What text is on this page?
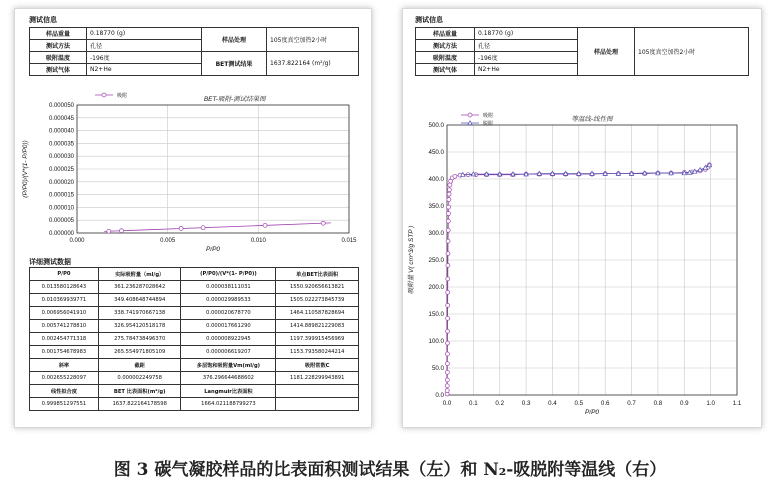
测试信息
样品重量	0.18770 (g)	样品处理	105度真空加热2小时
测试方法	孔径		
吸附温度	-196度	BET测试结果	1637.822164 (m²/g)
测试气体	N2+He		
0.000	0.005	0.010	0.015
0.000000
0.000005
0.000010
0.000015
0.000020
0.000025
0.000030
0.000035
0.000040
0.000045
0.000050
BET-吸附-测试结果图
P/P0
(P/P0)/(V*(1- P/P0))
吸附
详细测试数据
P/P0	实际吸附量（ml/g）	(P/P0)/(V*(1- P/P0))	单点BET比表面积
0.013580128643	361.236287028642	0.000038111031	1550.920656613821
0.010369939771	349.408648744894	0.000029989533	1505.022273845739
0.006956041910	338.741970667138	0.000020678770	1464.110587828694
0.005741278810	326.954120518178	0.000017661290	1414.889821229083
0.002454771318	275.784738496370	0.000008922945	1197.399915456969
0.001754678983	265.554971805109	0.000006619207	1153.793580244214
斜率	截距	多层饱和吸附量Vm(ml/g)	吸附常数C
0.002655228097	0.000002249758	376.296644688602	1181.228299943891
线性拟合度	BET 比表面积(m²/g)	Langmuir比表面积	
0.999851297551	1637.822164178598	1664.021188799273	
测试信息
样品重量	0.18770 (g)	样品处理	105度真空加热2小时
测试方法	孔径		
吸附温度	-196度		
测试气体	N2+He		
0.0	0.1	0.2	0.3	0.4	0.5	0.6	0.7	0.8	0.9	1.0	1.1
0.0
50.0
100.0
150.0
200.0
250.0
300.0
350.0
400.0
450.0
500.0
等温线-线性图
P/P0
吸附量 V( cm^3/g STP )
吸附
脱附
图 3 碳气凝胶样品的比表面积测试结果（左）和 N₂-吸脱附等温线（右）
